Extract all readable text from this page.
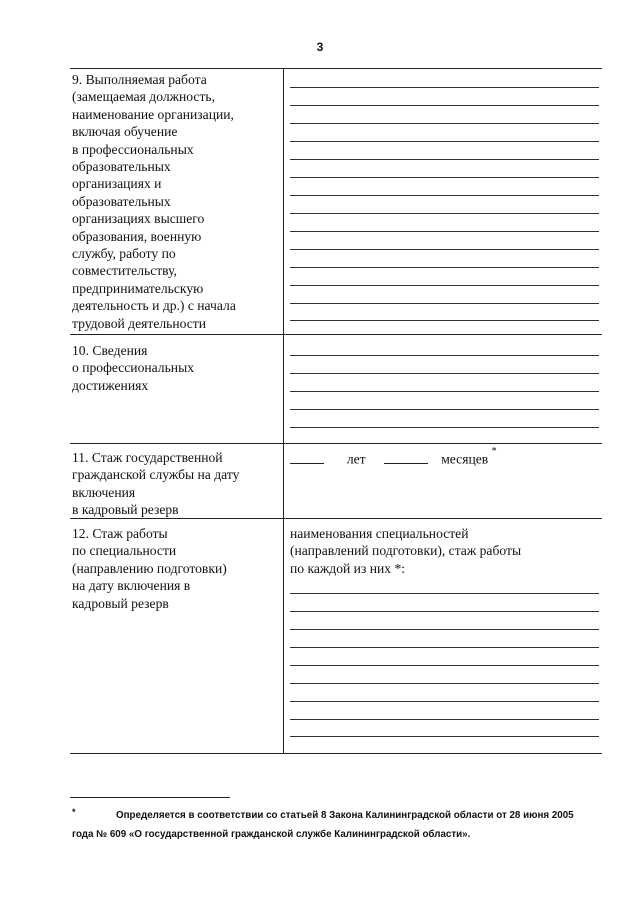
3
9. Выполняемая работа
(замещаемая должность,
наименование организации,
включая обучение
в профессиональных
образовательных
организациях и
образовательных
организациях высшего
образования, военную
службу, работу по
совместительству,
предпринимательскую
деятельность и др.) с начала
трудовой деятельности
10. Сведения
о профессиональных
достижениях
11. Стаж государственной
гражданской службы на дату
включения
в кадровый резерв
лет	месяцев *
12. Стаж работы
по специальности
(направлению подготовки)
на дату включения в
кадровый резерв
наименования специальностей
(направлений подготовки), стаж работы
по каждой из них *:
*	Определяется в соответствии со статьей 8 Закона Калининградской области от 28 июня 2005
года № 609 «О государственной гражданской службе Калининградской области».
